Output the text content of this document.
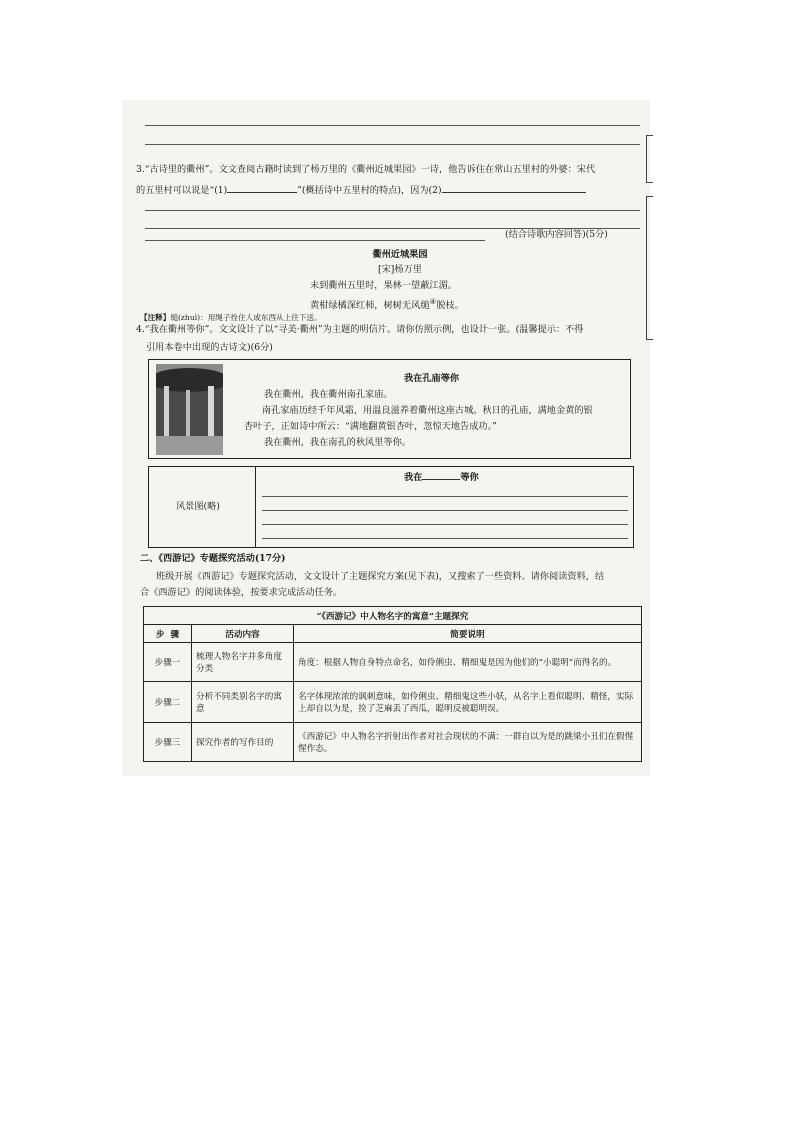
3.“古诗里的衢州”。文文查阅古籍时读到了杨万里的《衢州近城果园》一诗，他告诉住在常山五里村的外婆：宋代
的五里村可以说是“(1)	”(概括诗中五里村的特点)，因为(2)
(结合诗歌内容回答)(5分)
衢州近城果园
[宋]杨万里
未到衢州五里时，果林一望蔽江湄。
黄柑绿橘深红柿，树树无风缒④脱枝。
【注释】缒(zhuì)：用绳子拴住人或东西从上往下送。
4.“我在衢州等你”。文文设计了以“寻美·衢州”为主题的明信片。请你仿照示例，也设计一张。(温馨提示：不得
引用本卷中出现的古诗文)(6分)
我在孔庙等你
我在衢州，我在衢州南孔家庙。
南孔家庙历经千年风霜，用温良滋养着衢州这座古城。秋日的孔庙，满地金黄的银
杏叶子，正如诗中所云：“满地翻黄银杏叶，忽惊天地告成功。”
我在衢州，我在南孔的秋风里等你。
风景图(略)
我在	等你
二、《西游记》专题探究活动(17分)
班级开展《西游记》专题探究活动，文文设计了主题探究方案(见下表)，又搜索了一些资料。请你阅读资料，结
合《西游记》的阅读体验，按要求完成活动任务。
“《西游记》中人物名字的寓意”主题探究		
步  骤	活动内容	简要说明
步骤一	梳理人物名字并多角度分类	角度：根据人物自身特点命名，如伶俐虫、精细鬼是因为他们的“小聪明”而得名的。
步骤二	分析不同类别名字的寓意	名字体现浓浓的讽刺意味，如伶俐虫、精细鬼这些小妖，从名字上看似聪明、精怪，实际上却自以为是，捡了芝麻丢了西瓜，聪明反被聪明误。
步骤三	探究作者的写作目的	《西游记》中人物名字折射出作者对社会现状的不满：一群自以为是的跳梁小丑们在假惺惺作态。
